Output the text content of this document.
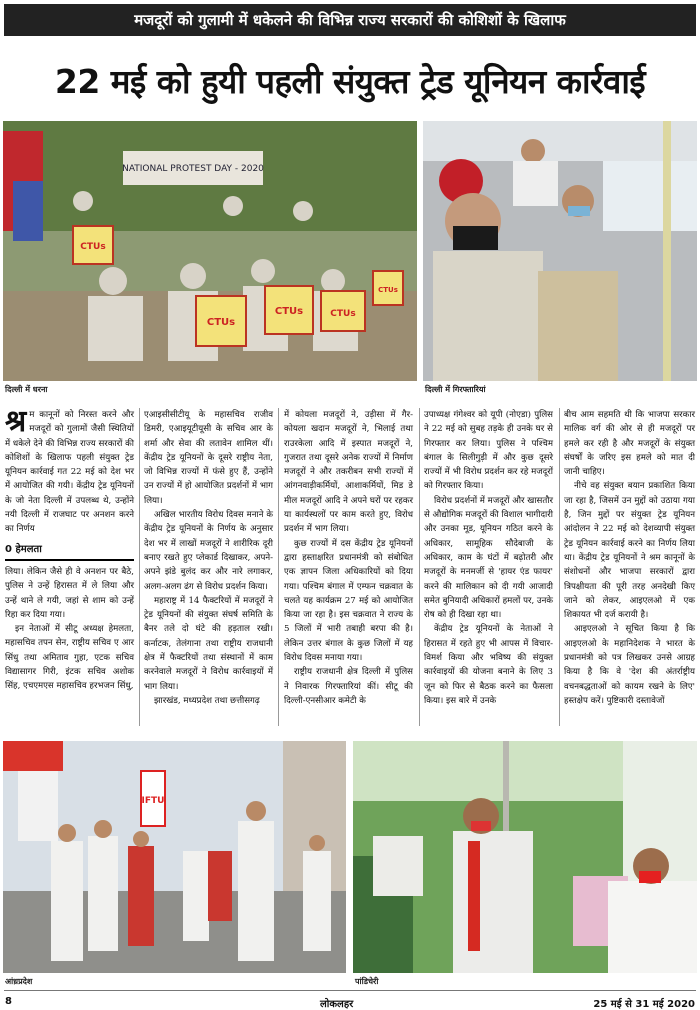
मजदूरों को गुलामी में धकेलने की विभिन्न राज्य सरकारों की कोशिशों के खिलाफ
22 मई को हुयी पहली संयुक्त ट्रेड यूनियन कार्रवाई
NATIONAL PROTEST DAY - 2020
CTUs
CTUs
CTUs	CTUs
CTUs
दिल्ली में धरना	दिल्ली में गिरफ्तारियां

श्र म कानूनों को निरस्त करने और मजदूरों को गुलामों जैसी स्थितियों में धकेले देने की विभिन्न राज्य सरकारों की कोशिशों के खिलाफ पहली संयुक्त ट्रेड यूनियन कार्रवाई गत 22 मई को देश भर में आयोजित की गयी। केंद्रीय ट्रेड यूनियनों के जो नेता दिल्ली में उपलब्ध थे, उन्होंने नयी दिल्ली में राजघाट पर अनशन करने का निर्णय

0 हेमलता

लिया। लेकिन जैसे ही वे अनशन पर बैठे, पुलिस ने उन्हें हिरासत में ले लिया और उन्हें थाने ले गयी, जहां से शाम को उन्हें रिहा कर दिया गया।

इन नेताओं में सीटू अध्यक्ष हेमलता, महासचिव तपन सेन, राष्ट्रीय सचिव ए आर सिंधु तथा अमिताव गुहा, एटक सचिव विद्यासागर गिरी, इंटक सचिव अशोक सिंह, एचएमएस महासचिव हरभजन सिंधु,

एआइसीसीटीयू के महासचिव राजीव डिमरी, एआइयूटीयूसी के सचिव आर के शर्मा और सेवा की लतावेन शामिल थीं। केंद्रीय ट्रेड यूनियनों के दूसरे राष्ट्रीय नेता, जो विभिन्न राज्यों में फंसे हुए हैं, उन्होंने उन राज्यों में हो आयोजित प्रदर्शनों में भाग लिया।

अखिल भारतीय विरोध दिवस मनाने के केंद्रीय ट्रेड यूनियनों के निर्णय के अनुसार देश भर में लाखों मजदूरों ने शारीरिक दूरी बनाए रखते हुए प्लेकार्ड दिखाकर, अपने-अपने झंडे बुलंद कर और नारे लगाकर, अलग-अलग ढंग से विरोध प्रदर्शन किया।

महाराष्ट्र में 14 फैक्टरियों में मजदूरों ने ट्रेड यूनियनों की संयुक्त संघर्ष समिति के बैनर तले दो घंटे की हड़ताल रखी। कर्नाटक, तेलंगाना तथा राष्ट्रीय राजधानी क्षेत्र में फैक्टरियों तथा संस्थानों में काम करनेवाले मजदूरों ने विरोध कार्रवाइयों में भाग लिया।

झारखंड, मध्यप्रदेश तथा छत्तीसगढ़

में कोयला मजदूरों ने, उड़ीसा में गैर-कोयला खदान मजदूरों ने, भिलाई तथा राउरकेला आदि में इस्पात मजदूरों ने, गुजरात तथा दूसरे अनेक राज्यों में निर्माण मजदूरों ने और तकरीबन सभी राज्यों में आंगनवाड़ीकर्मियों, आशाकर्मियों, मिड डे मील मजदूरों आदि ने अपने घरों पर रहकर या कार्यस्थलों पर काम करते हुए, विरोध प्रदर्शन में भाग लिया।

कुछ राज्यों में दस केंद्रीय ट्रेड यूनियनों द्वारा हस्ताक्षरित प्रधानमंत्री को संबोधित एक ज्ञापन जिला अधिकारियों को दिया गया। पश्चिम बंगाल में एम्फन चक्रवात के चलते यह कार्यक्रम 27 मई को आयोजित किया जा रहा है। इस चक्रवात ने राज्य के 5 जिलों में भारी तबाही बरपा की है। लेकिन उत्तर बंगाल के कुछ जिलों में यह विरोध दिवस मनाया गया।

राष्ट्रीय राजधानी क्षेत्र दिल्ली में पुलिस ने निवारक गिरफ्तारियां कीं। सीटू की दिल्ली-एनसीआर कमेटी के

उपाध्यक्ष गंगेश्वर को यूपी (नोएडा) पुलिस ने 22 मई को सुबह तड़के ही उनके घर से गिरफ्तार कर लिया। पुलिस ने पश्चिम बंगाल के सिलीगुड़ी में और कुछ दूसरे राज्यों में भी विरोध प्रदर्शन कर रहे मजदूरों को गिरफ्तार किया।

विरोध प्रदर्शनों में मजदूरों और खासतौर से औद्योगिक मजदूरों की विशाल भागीदारी और उनका मूड, यूनियन गठित करने के अधिकार, सामूहिक सौदेबाजी के अधिकार, काम के घंटों में बढ़ोतरी और मजदूरों के मनमर्जी से 'हायर एंड फायर' करने की मालिकान को दी गयी आजादी समेत बुनियादी अधिकारों हमलों पर, उनके रोष को ही दिखा रहा था।

केंद्रीय ट्रेड यूनियनों के नेताओं ने हिरासत में रहते हुए भी आपस में विचार-विमर्श किया और भविष्य की संयुक्त कार्रवाइयों की योजना बनाने के लिए 3 जून को फिर से बैठक करने का फैसला किया। इस बारे में उनके

बीच आम सहमति थी कि भाजपा सरकार मालिक वर्ग की ओर से ही मजदूरों पर हमले कर रही है और मजदूरों के संयुक्त संघर्षों के जरिए इस हमले को मात दी जानी चाहिए।

नीचे वह संयुक्त बयान प्रकाशित किया जा रहा है, जिसमें उन मुद्दों को उठाया गया है, जिन मुद्दों पर संयुक्त ट्रेड यूनियन आंदोलन ने 22 मई को देशव्यापी संयुक्त ट्रेड यूनियन कार्रवाई करने का निर्णय लिया था। केंद्रीय ट्रेड यूनियनों ने श्रम कानूनों के संशोधनों और भाजपा सरकारों द्वारा त्रिपक्षीयता की पूरी तरह अनदेखी किए जाने को लेकर, आइएलओ में एक शिकायत भी दर्ज करायी है।

आइएलओ ने सूचित किया है कि आइएलओ के महानिदेशक ने भारत के प्रधानमंत्री को पत्र लिखकर उनसे आग्रह किया है कि वे 'देश की अंतर्राष्ट्रीय वचनबद्धताओं को कायम रखने के लिए' हस्तक्षेप करें। पुष्टिकारी दस्तावेजों

IFTU
आंध्रप्रदेश	पांडिचेरी
8	लोकलहर	25 मई से 31 मई 2020
